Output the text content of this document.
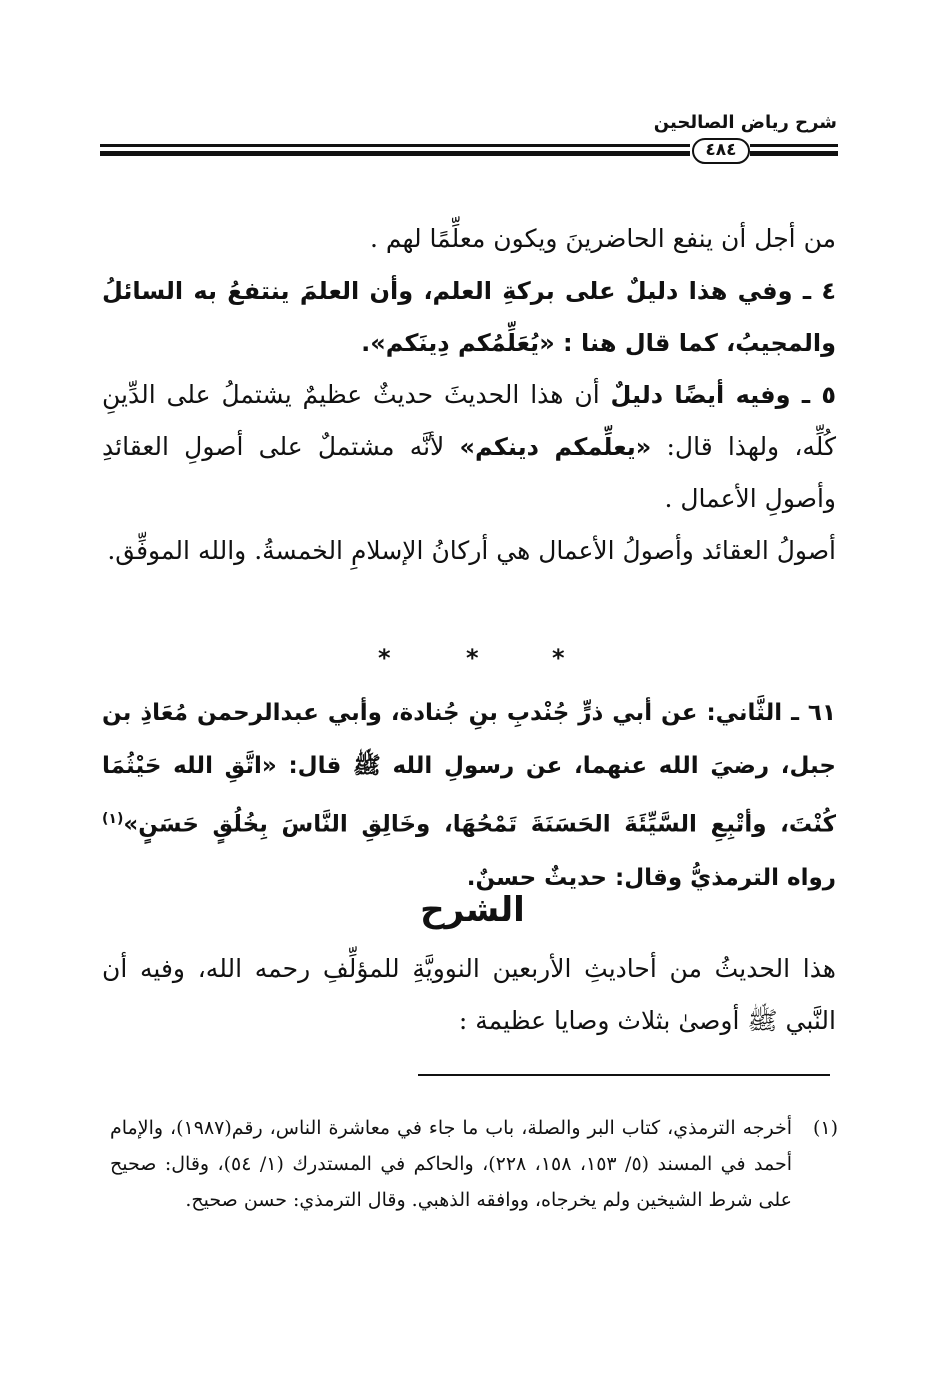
شرح رياض الصالحين
٤٨٤
من أجل أن ينفع الحاضرينَ ويكون معلِّمًا لهم .
٤ ـ وفي هذا دليلٌ على بركةِ العلم، وأن العلمَ ينتفعُ به السائلُ والمجيبُ، كما قال هنا : «يُعَلِّمُكم دِينَكم».
٥ ـ وفيه أيضًا دليلٌ أن هذا الحديثَ حديثٌ عظيمٌ يشتملُ على الدِّينِ كُلِّه، ولهذا قال: «يعلِّمكم دينكم» لأنَّه مشتملٌ على أصولِ العقائدِ وأصولِ الأعمال .
أصولُ العقائد وأصولُ الأعمال هي أركانُ الإسلامِ الخمسةُ. والله الموفِّق.
*	*	*
٦١ ـ الثَّاني: عن أبي ذرٍّ جُنْدبِ بنِ جُنادة، وأبي عبدالرحمن مُعَاذِ بن جبل، رضيَ الله عنهما، عن رسولِ الله ﷺ قال: «اتَّقِ الله حَيْثُمَا كُنْتَ، وأتْبِعِ السَّيِّئَةَ الحَسَنَةَ تَمْحُهَا، وخَالِقِ النَّاسَ بِخُلُقٍ حَسَنٍ»$^{(١)}$ رواه الترمذيُّ وقال: حديثٌ حسنٌ.
الشرح
هذا الحديثُ من أحاديثِ الأربعين النوويَّةِ للمؤلِّفِ رحمه الله، وفيه أن النَّبي ﷺ أوصىٰ بثلاث وصايا عظيمة :
(١)
أخرجه الترمذي، كتاب البر والصلة، باب ما جاء في معاشرة الناس، رقم(١٩٨٧)، والإمام أحمد في المسند (٥/ ١٥٣، ١٥٨، ٢٢٨)، والحاكم في المستدرك (١/ ٥٤)، وقال: صحيح على شرط الشيخين ولم يخرجاه، ووافقه الذهبي. وقال الترمذي: حسن صحيح.
